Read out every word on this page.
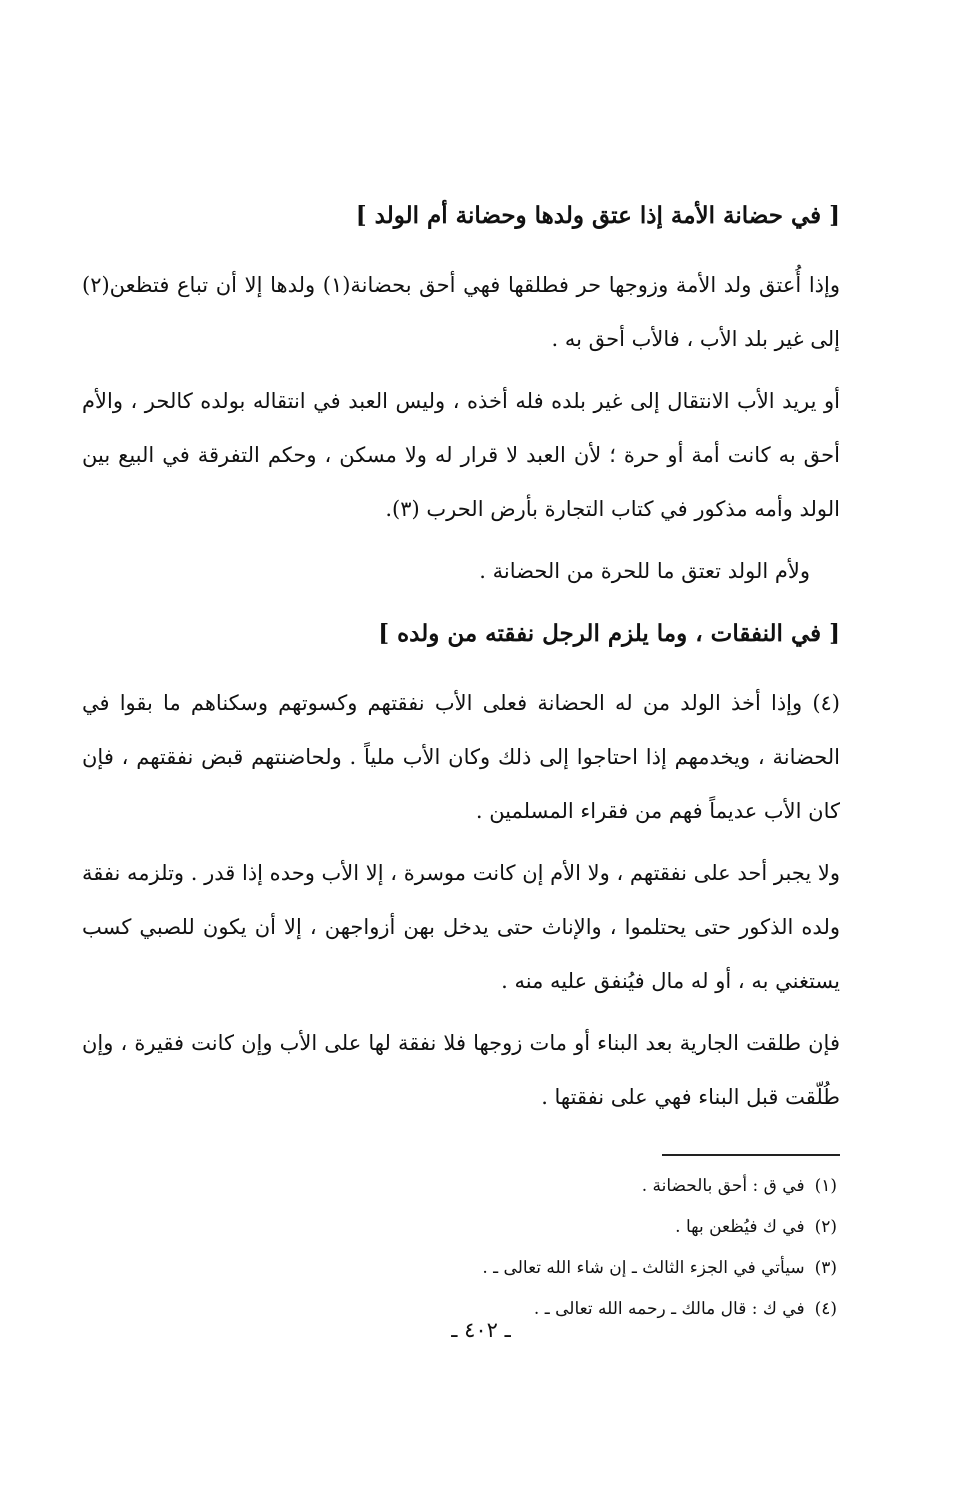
[ في حضانة الأمة إذا عتق ولدها وحضانة أم الولد ]

وإذا أُعتق ولد الأمة وزوجها حر فطلقها فهي أحق بحضانة(١) ولدها إلا أن تباع فتظعن(٢) إلى غير بلد الأب ، فالأب أحق به .

أو يريد الأب الانتقال إلى غير بلده فله أخذه ، وليس العبد في انتقاله بولده كالحر ، والأم أحق به كانت أمة أو حرة ؛ لأن العبد لا قرار له ولا مسكن ، وحكم التفرقة في البيع بين الولد وأمه مذكور في كتاب التجارة بأرض الحرب (٣).

ولأم الولد تعتق ما للحرة من الحضانة .

[ في النفقات ، وما يلزم الرجل نفقته من ولده ]

(٤) وإذا أخذ الولد من له الحضانة فعلى الأب نفقتهم وكسوتهم وسكناهم ما بقوا في الحضانة ، ويخدمهم إذا احتاجوا إلى ذلك وكان الأب ملياً . ولحاضنتهم قبض نفقتهم ، فإن كان الأب عديماً فهم من فقراء المسلمين .

ولا يجبر أحد على نفقتهم ، ولا الأم إن كانت موسرة ، إلا الأب وحده إذا قدر . وتلزمه نفقة ولده الذكور حتى يحتلموا ، والإناث حتى يدخل بهن أزواجهن ، إلا أن يكون للصبي كسب يستغني به ، أو له مال فيُنفق عليه منه .

فإن طلقت الجارية بعد البناء أو مات زوجها فلا نفقة لها على الأب وإن كانت فقيرة ، وإن طُلّقت قبل البناء فهي على نفقتها .

(١)في ق : أحق بالحضانة .
(٢)في ك فيُظعن بها .
(٣)سيأتي في الجزء الثالث ـ إن شاء الله تعالى ـ .
(٤)في ك : قال مالك ـ رحمه الله تعالى ـ .
ـ ٤٠٢ ـ
